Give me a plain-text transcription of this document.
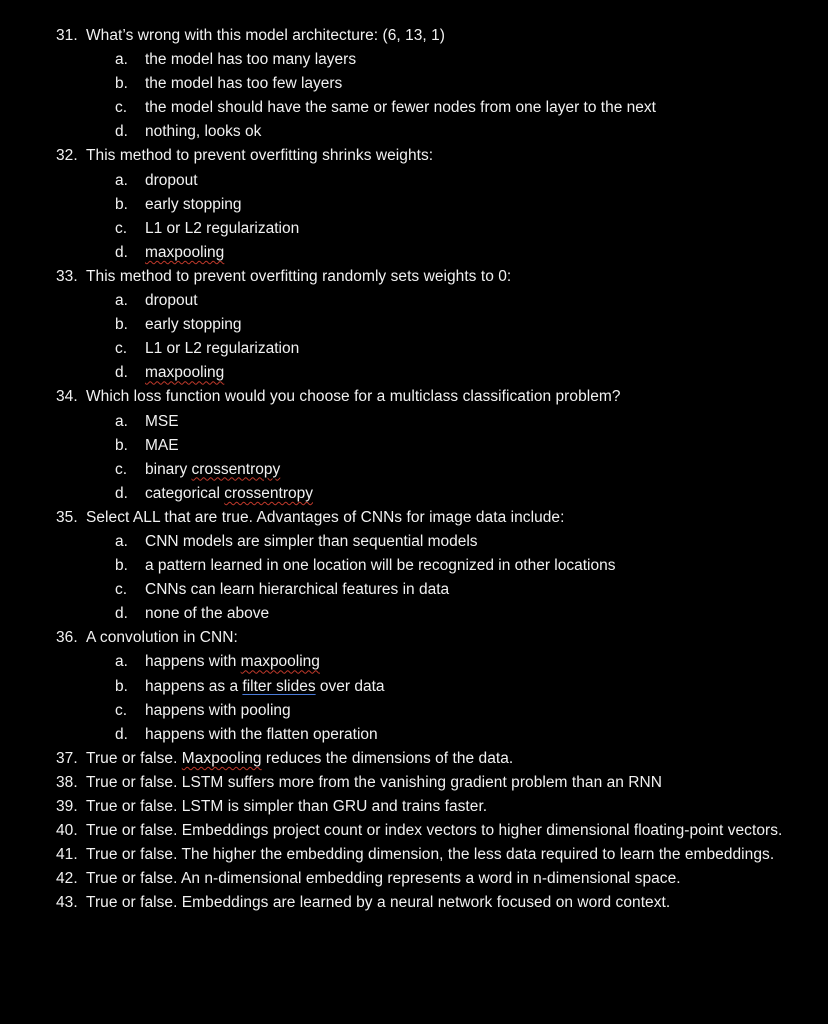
31. What’s wrong with this model architecture: (6, 13, 1)
a.	the model has too many layers
b.	the model has too few layers
c.	the model should have the same or fewer nodes from one layer to the next
d.	nothing, looks ok
32. This method to prevent overfitting shrinks weights:
a.	dropout
b.	early stopping
c.	L1 or L2 regularization
d.	maxpooling
33. This method to prevent overfitting randomly sets weights to 0:
a.	dropout
b.	early stopping
c.	L1 or L2 regularization
d.	maxpooling
34. Which loss function would you choose for a multiclass classification problem?
a.	MSE
b.	MAE
c.	binary crossentropy
d.	categorical crossentropy
35. Select ALL that are true. Advantages of CNNs for image data include:
a.	CNN models are simpler than sequential models
b.	a pattern learned in one location will be recognized in other locations
c.	CNNs can learn hierarchical features in data
d.	none of the above
36. A convolution in CNN:
a.	happens with maxpooling
b.	happens as a filter slides over data
c.	happens with pooling
d.	happens with the flatten operation
37. True or false. Maxpooling reduces the dimensions of the data.
38. True or false. LSTM suffers more from the vanishing gradient problem than an RNN
39. True or false. LSTM is simpler than GRU and trains faster.
40. True or false. Embeddings project count or index vectors to higher dimensional floating-point vectors.
41. True or false. The higher the embedding dimension, the less data required to learn the embeddings.
42. True or false. An n-dimensional embedding represents a word in n-dimensional space.
43. True or false. Embeddings are learned by a neural network focused on word context.
